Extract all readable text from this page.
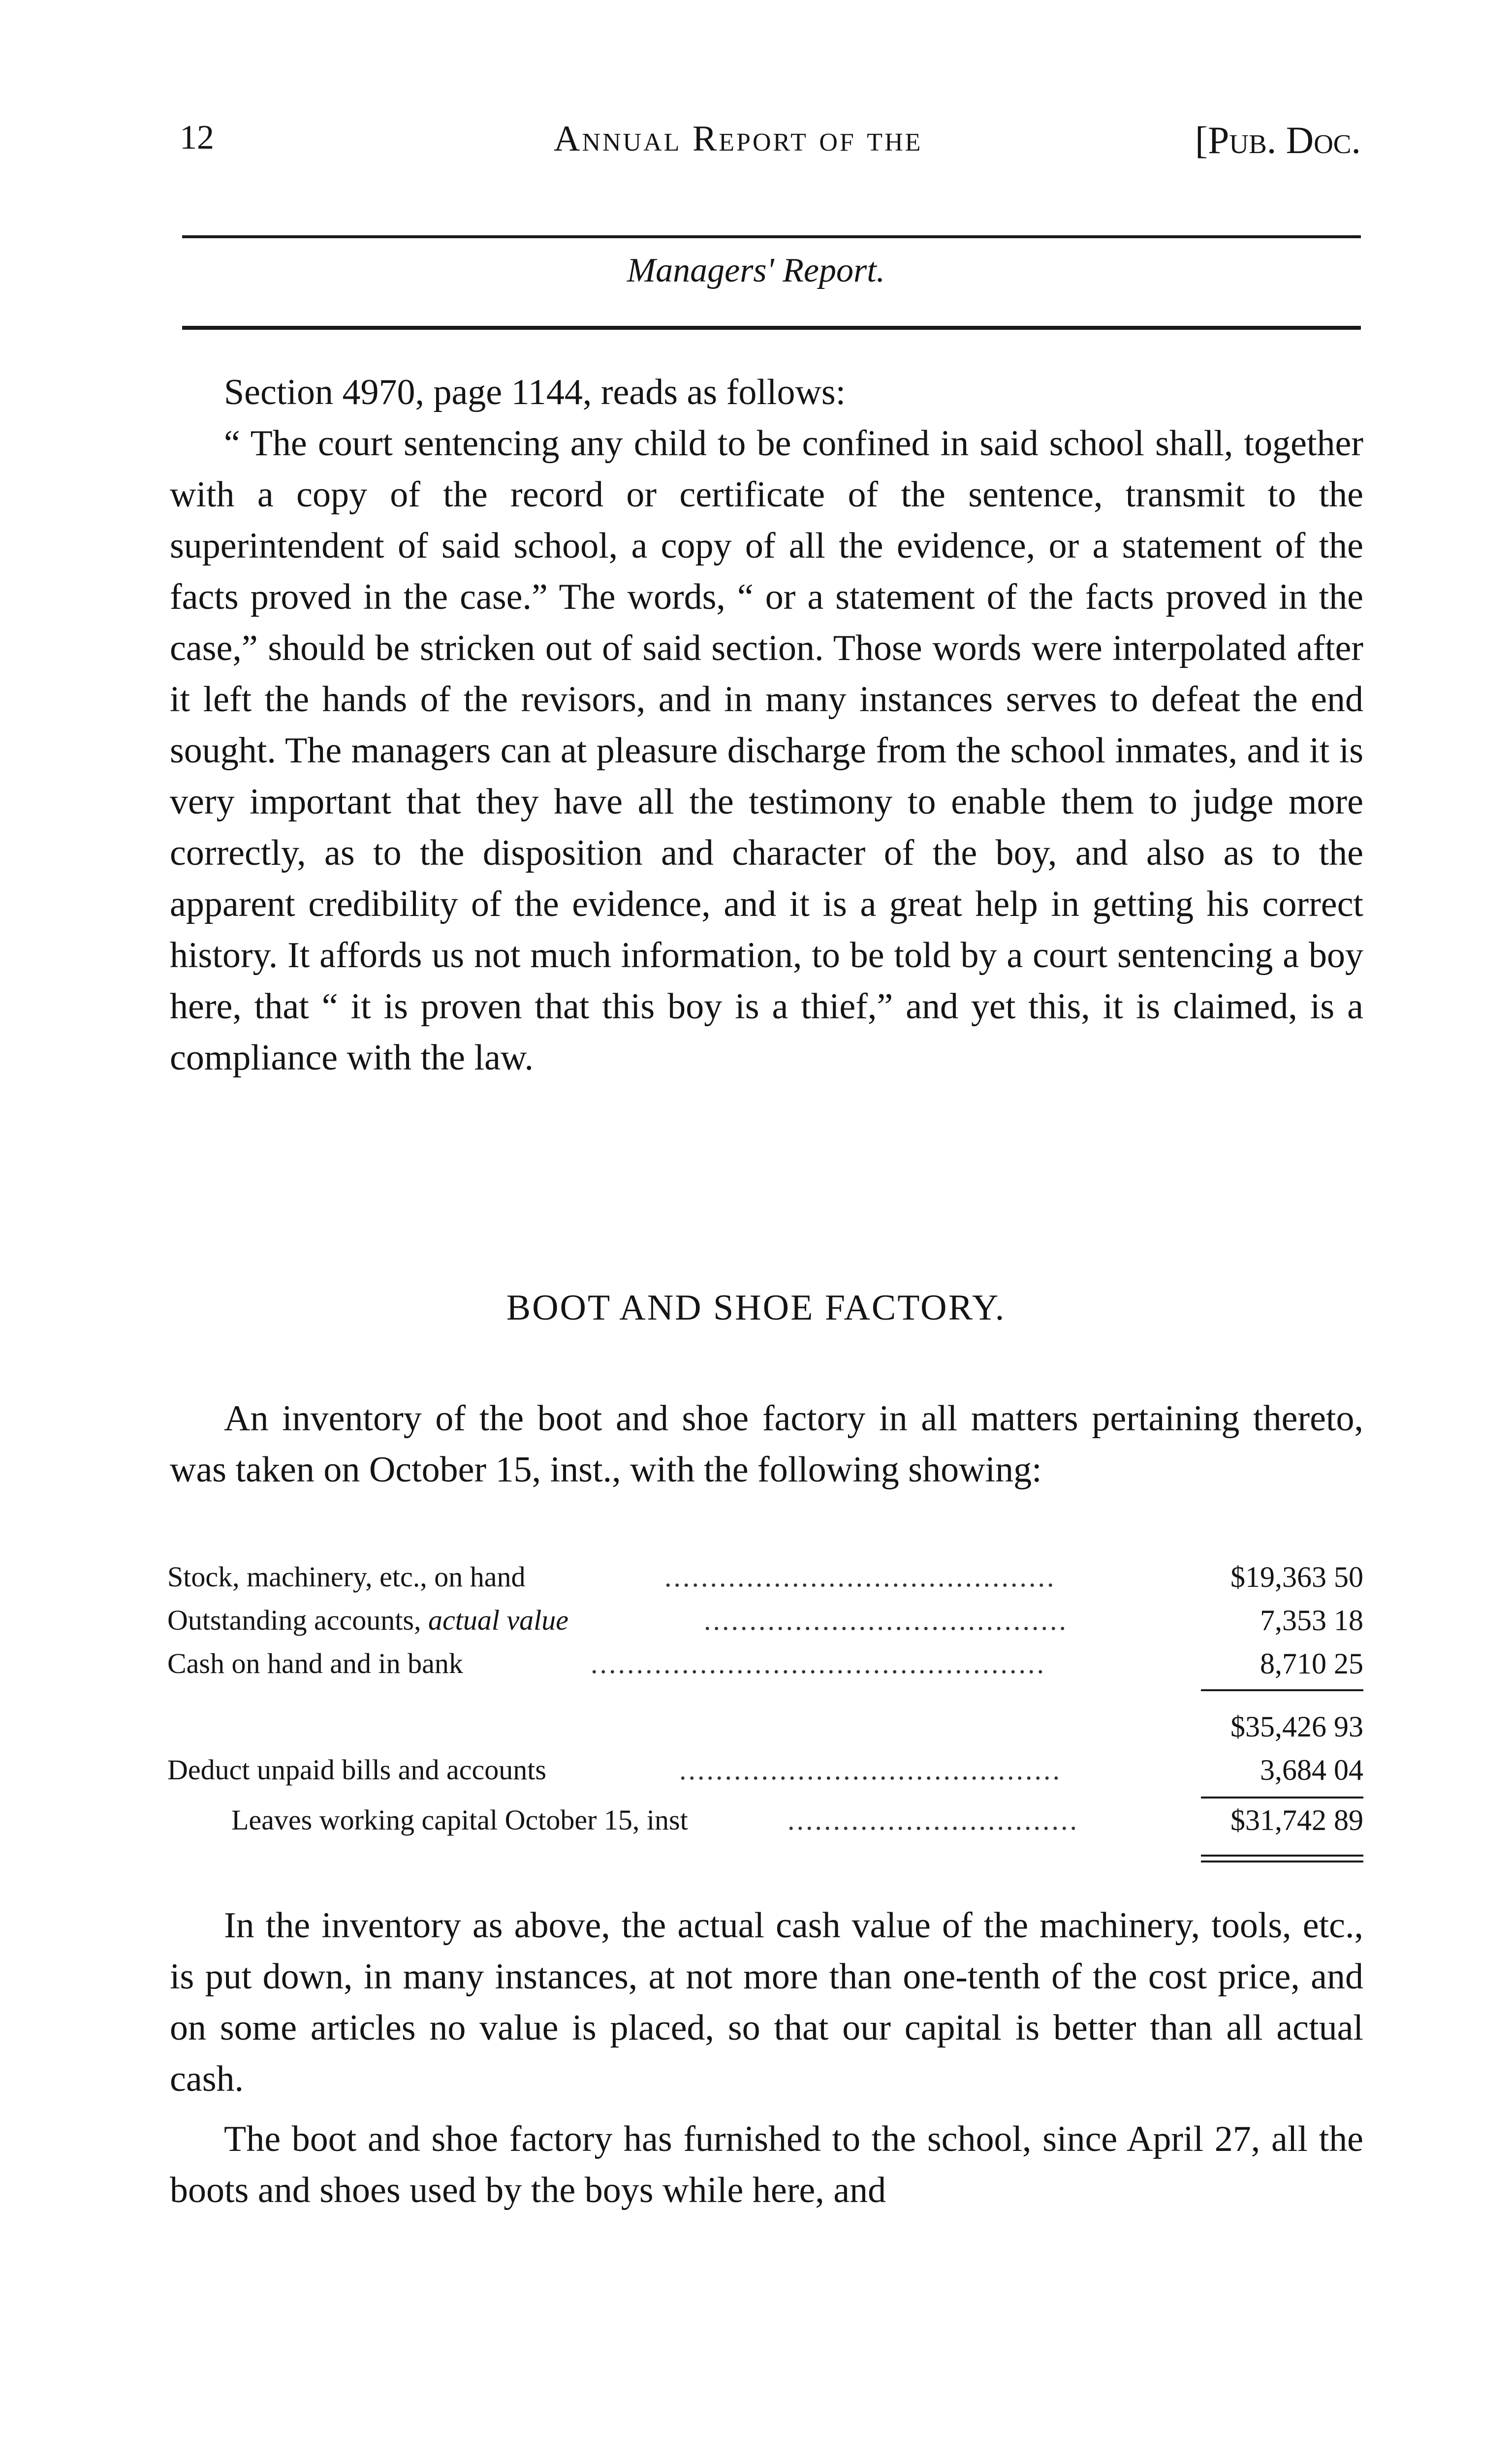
12	Annual Report of the	[Pub. Doc.
Managers' Report.

Section 4970, page 1144, reads as follows:

“ The court sentencing any child to be confined in said school shall, together with a copy of the record or certificate of the sentence, transmit to the superintendent of said school, a copy of all the evidence, or a statement of the facts proved in the case.” The words, “ or a statement of the facts proved in the case,” should be stricken out of said section. Those words were interpolated after it left the hands of the revisors, and in many instances serves to defeat the end sought. The managers can at pleasure discharge from the school inmates, and it is very important that they have all the testimony to enable them to judge more correctly, as to the disposition and character of the boy, and also as to the apparent credibility of the evidence, and it is a great help in getting his correct history. It affords us not much information, to be told by a court sentencing a boy here, that “ it is proven that this boy is a thief,” and yet this, it is claimed, is a compliance with the law.

BOOT AND SHOE FACTORY.

An inventory of the boot and shoe factory in all matters pertaining thereto, was taken on October 15, inst., with the following showing:

Stock, machinery, etc., on hand	...........................................	$19,363 50
Outstanding accounts, actual value	........................................	7,353 18
Cash on hand and in bank	..................................................	8,710 25
$35,426 93
Deduct unpaid bills and accounts	..........................................	3,684 04
Leaves working capital October 15, inst	................................	$31,742 89

In the inventory as above, the actual cash value of the machinery, tools, etc., is put down, in many instances, at not more than one-tenth of the cost price, and on some articles no value is placed, so that our capital is better than all actual cash.

The boot and shoe factory has furnished to the school, since April 27, all the boots and shoes used by the boys while here, and
